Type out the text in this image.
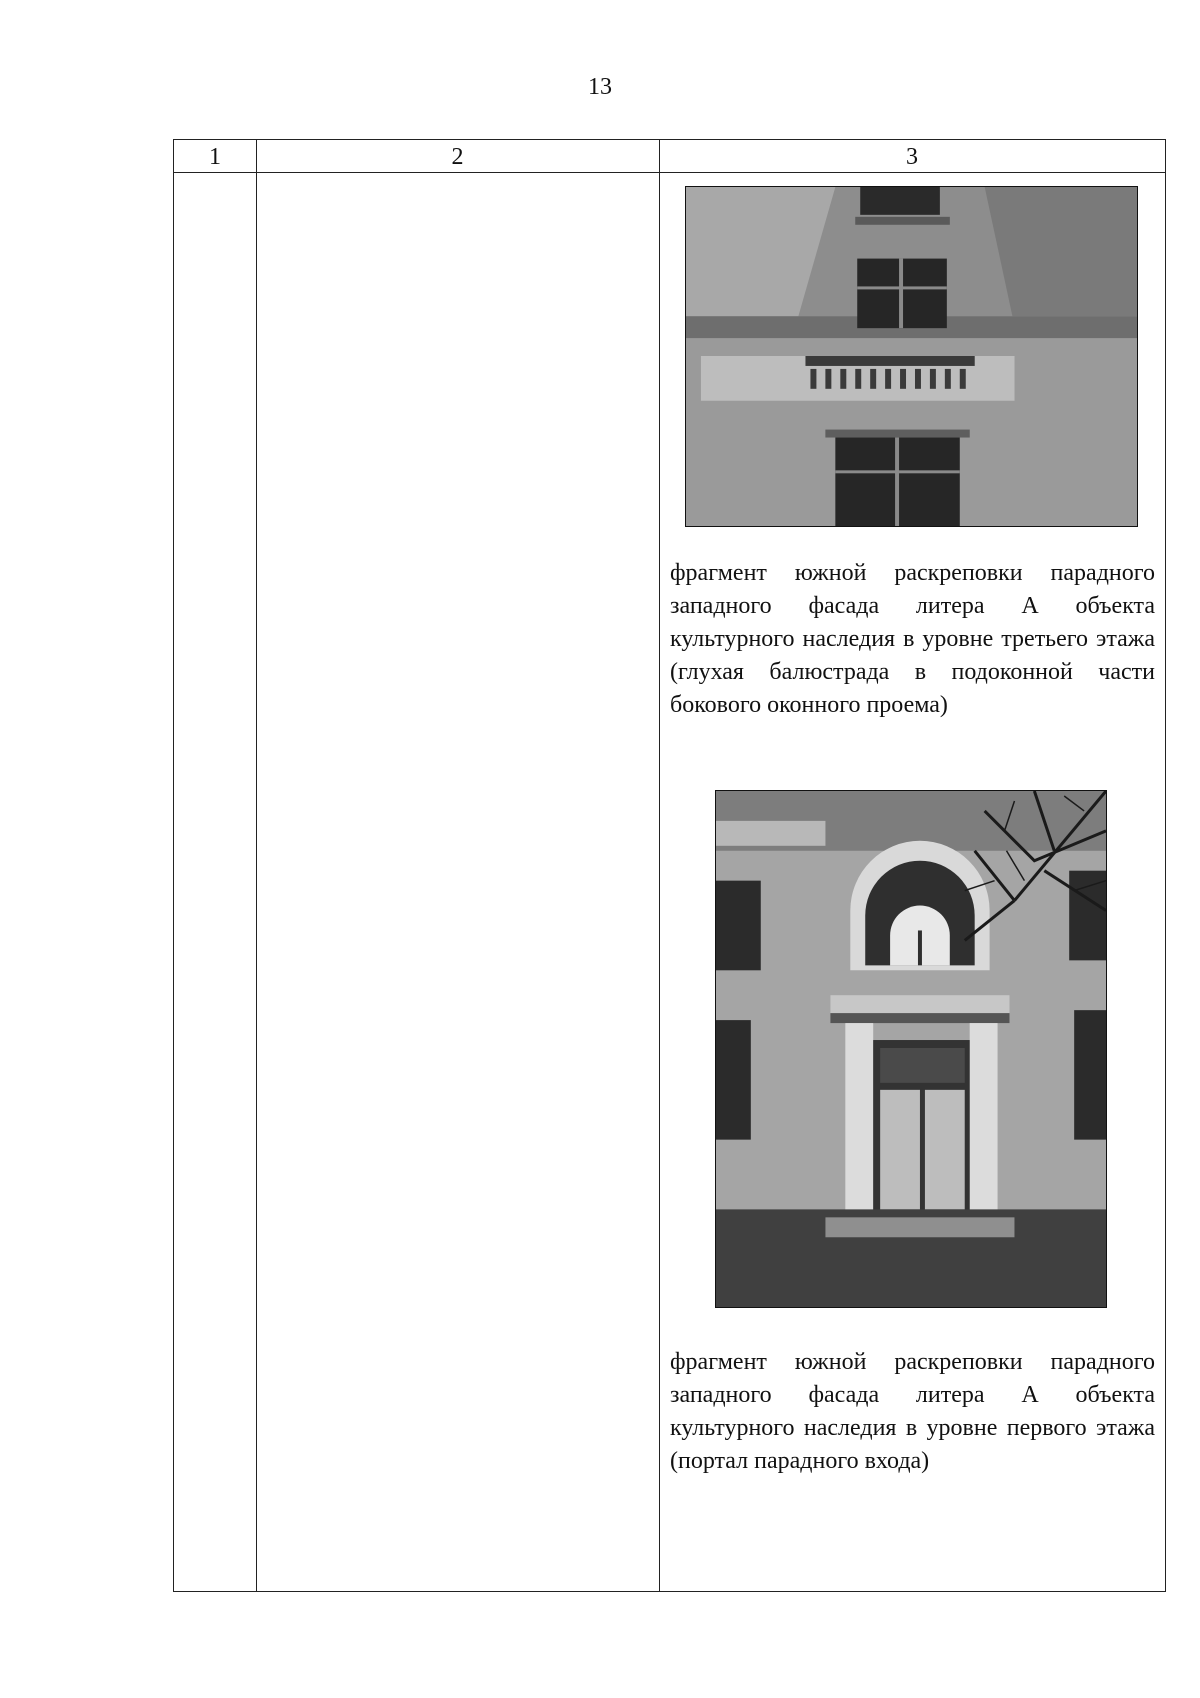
13
1	2	3
фрагмент южной раскреповки парадного западного фасада литера А объекта культурного наследия в уровне третьего этажа (глухая балюстрада в подоконной части бокового оконного проема)
фрагмент южной раскреповки парадного западного фасада литера А объекта культурного наследия в уровне первого этажа (портал парадного входа)
